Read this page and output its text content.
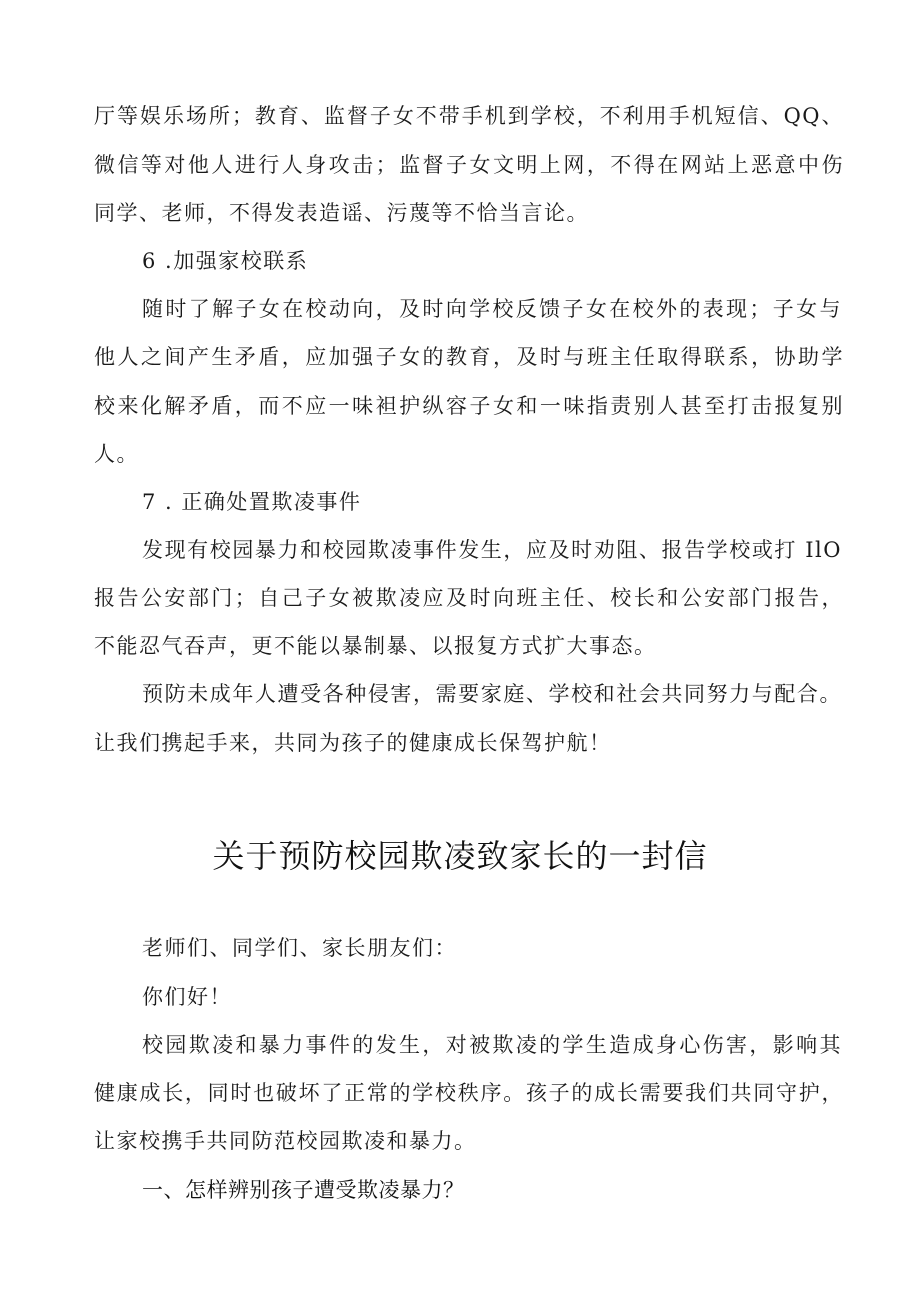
厅等娱乐场所；教育、监督子女不带手机到学校，不利用手机短信、QQ、
微信等对他人进行人身攻击；监督子女文明上网，不得在网站上恶意中伤
同学、老师，不得发表造谣、污蔑等不恰当言论。
6 .加强家校联系
随时了解子女在校动向，及时向学校反馈子女在校外的表现；子女与
他人之间产生矛盾，应加强子女的教育，及时与班主任取得联系，协助学
校来化解矛盾，而不应一味袒护纵容子女和一味指责别人甚至打击报复别
人。
7 . 正确处置欺凌事件
发现有校园暴力和校园欺凌事件发生，应及时劝阻、报告学校或打 IlO
报告公安部门；自己子女被欺凌应及时向班主任、校长和公安部门报告，
不能忍气吞声，更不能以暴制暴、以报复方式扩大事态。
预防未成年人遭受各种侵害，需要家庭、学校和社会共同努力与配合。
让我们携起手来，共同为孩子的健康成长保驾护航！
关于预防校园欺凌致家长的一封信
老师们、同学们、家长朋友们：
你们好！
校园欺凌和暴力事件的发生，对被欺凌的学生造成身心伤害，影响其
健康成长，同时也破坏了正常的学校秩序。孩子的成长需要我们共同守护，
让家校携手共同防范校园欺凌和暴力。
一、怎样辨别孩子遭受欺凌暴力？
